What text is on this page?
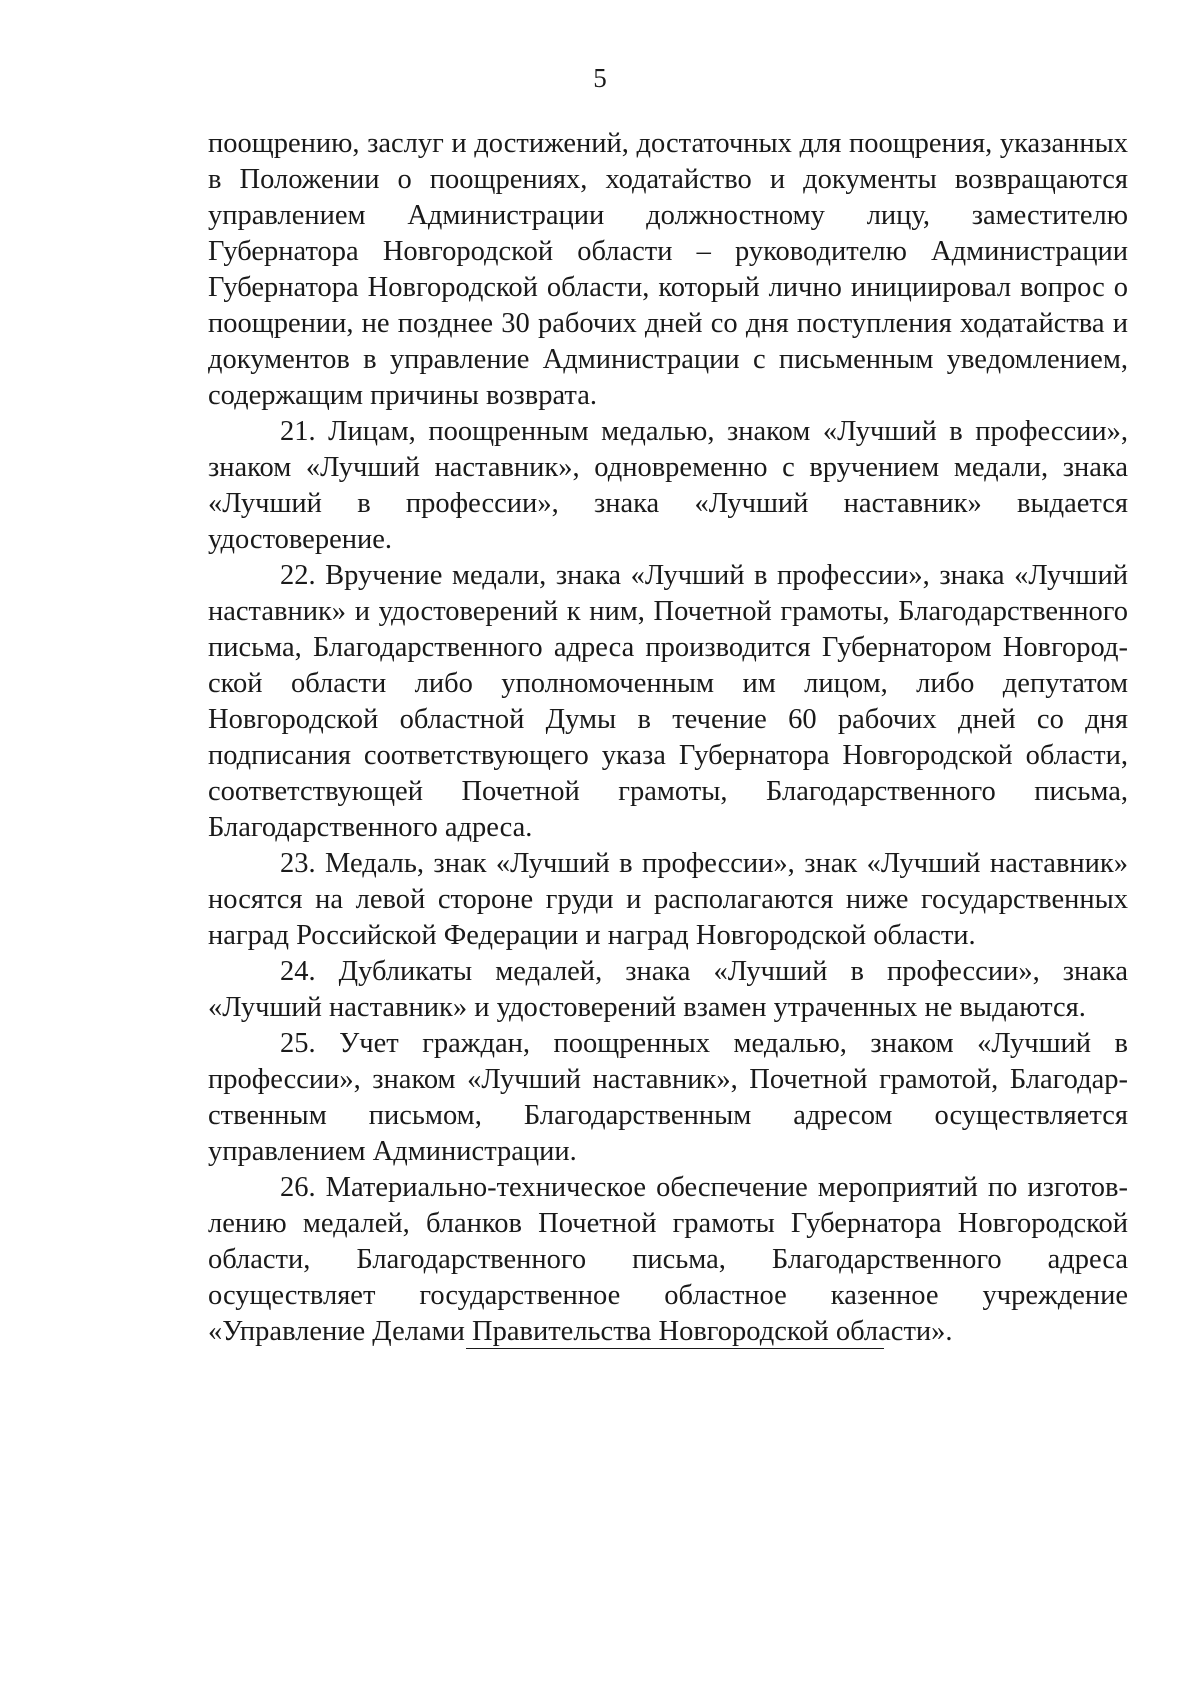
5

поощрению, заслуг и достижений, достаточных для поощрения, указанных в Положении о поощрениях, ходатайство и документы возвращаются управлением Администрации должностному лицу, заместителю Губернатора Новгородской области – руководителю Администрации Губернатора Новгородской области, который лично инициировал вопрос о поощрении, не позднее 30 рабочих дней со дня поступления ходатайства и документов в управление Администрации с письменным уведомлением, содержащим причины возврата.

21. Лицам, поощренным медалью, знаком «Лучший в профессии», знаком «Лучший наставник», одновременно с вручением медали, знака «Лучший в профессии», знака «Лучший наставник» выдается удостоверение.

22. Вручение медали, знака «Лучший в профессии», знака «Лучший наставник» и удостоверений к ним, Почетной грамоты, Благодарственного письма, Благодарственного адреса производится Губернатором Новгородской области либо уполномоченным им лицом, либо депутатом Новгородской областной Думы в течение 60 рабочих дней со дня подписания соответствующего указа Губернатора Новгородской области, соответствующей Почетной грамоты, Благодарственного письма, Благодарственного адреса.

23. Медаль, знак «Лучший в профессии», знак «Лучший наставник» носятся на левой стороне груди и располагаются ниже государственных наград Российской Федерации и наград Новгородской области.

24. Дубликаты медалей, знака «Лучший в профессии», знака «Лучший наставник» и удостоверений взамен утраченных не выдаются.

25. Учет граждан, поощренных медалью, знаком «Лучший в профессии», знаком «Лучший наставник», Почетной грамотой, Благодарственным письмом, Благодарственным адресом осуществляется управлением Администрации.

26. Материально-техническое обеспечение мероприятий по изготовлению медалей, бланков Почетной грамоты Губернатора Новгородской области, Благодарственного письма, Благодарственного адреса осуществляет государственное областное казенное учреждение «Управление Делами Правительства Новгородской области».
